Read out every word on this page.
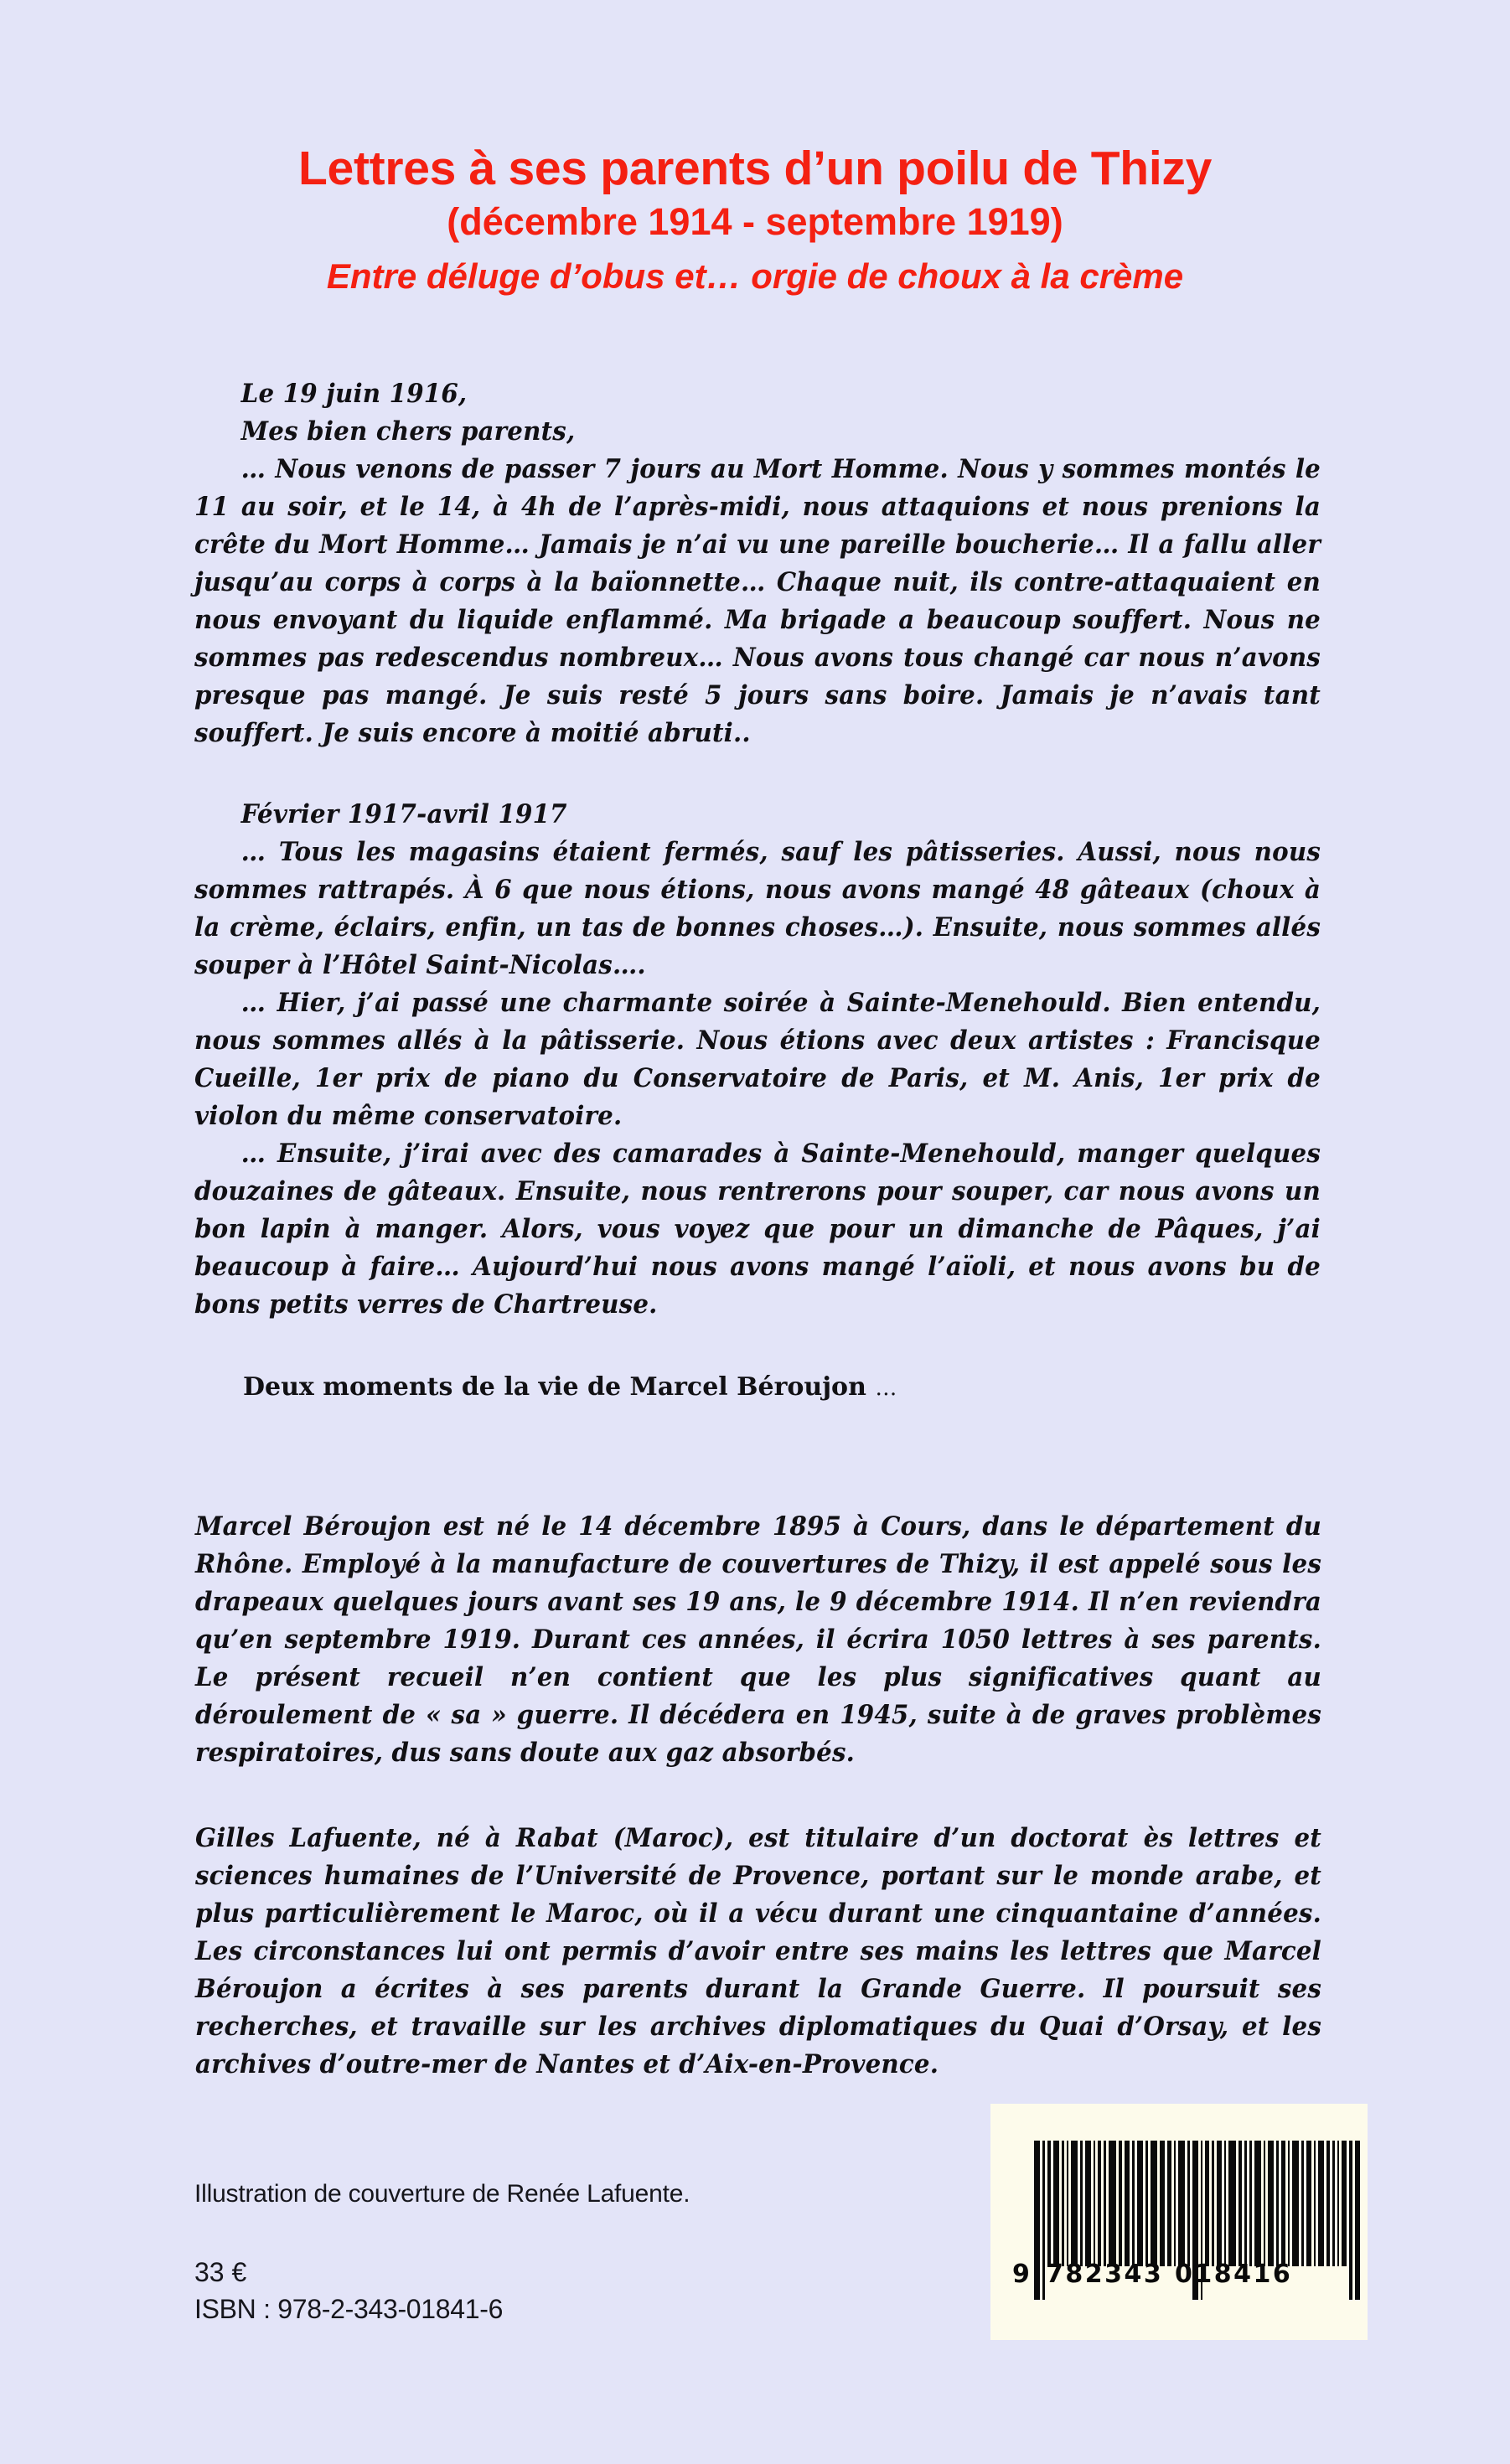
Lettres à ses parents d’un poilu de Thizy
(décembre 1914 - septembre 1919)
Entre déluge d’obus et… orgie de choux à la crème

Le 19 juin 1916,

Mes bien chers parents,

… Nous venons de passer 7 jours au Mort Homme. Nous y sommes montés le 11 au soir, et le 14, à 4h de l’après-midi, nous attaquions et nous prenions la crête du Mort Homme… Jamais je n’ai vu une pareille boucherie… Il a fallu aller jusqu’au corps à corps à la baïonnette… Chaque nuit, ils contre-attaquaient en nous envoyant du liquide enflammé. Ma brigade a beaucoup souffert. Nous ne sommes pas redescendus nombreux… Nous avons tous changé car nous n’avons presque pas mangé. Je suis resté 5 jours sans boire. Jamais je n’avais tant souffert. Je suis encore à moitié abruti..

Février 1917-avril 1917

… Tous les magasins étaient fermés, sauf les pâtisseries. Aussi, nous nous sommes rattrapés. À 6 que nous étions, nous avons mangé 48 gâteaux (choux à la crème, éclairs, enfin, un tas de bonnes choses…). Ensuite, nous sommes allés souper à l’Hôtel Saint-Nicolas….

… Hier, j’ai passé une charmante soirée à Sainte-Menehould. Bien entendu, nous sommes allés à la pâtisserie. Nous étions avec deux artistes : Francisque Cueille, 1er prix de piano du Conservatoire de Paris, et M. Anis, 1er prix de violon du même conservatoire.

… Ensuite, j’irai avec des camarades à Sainte-Menehould, manger quelques douzaines de gâteaux. Ensuite, nous rentrerons pour souper, car nous avons un bon lapin à manger. Alors, vous voyez que pour un dimanche de Pâques, j’ai beaucoup à faire… Aujourd’hui nous avons mangé l’aïoli, et nous avons bu de bons petits verres de Chartreuse.

Deux moments de la vie de Marcel Béroujon …

Marcel Béroujon est né le 14 décembre 1895 à Cours, dans le département du Rhône. Employé à la manufacture de couvertures de Thizy, il est appelé sous les drapeaux quelques jours avant ses 19 ans, le 9 décembre 1914. Il n’en reviendra qu’en septembre 1919. Durant ces années, il écrira 1050 lettres à ses parents. Le présent recueil n’en contient que les plus significatives quant au déroulement de « sa » guerre. Il décédera en 1945, suite à de graves problèmes respiratoires, dus sans doute aux gaz absorbés.

Gilles Lafuente, né à Rabat (Maroc), est titulaire d’un doctorat ès lettres et sciences humaines de l’Université de Provence, portant sur le monde arabe, et plus particulièrement le Maroc, où il a vécu durant une cinquantaine d’années. Les circonstances lui ont permis d’avoir entre ses mains les lettres que Marcel Béroujon a écrites à ses parents durant la Grande Guerre. Il poursuit ses recherches, et travaille sur les archives diplomatiques du Quai d’Orsay, et les archives d’outre-mer de Nantes et d’Aix-en-Provence.

Illustration de couverture de Renée Lafuente.

33 €

ISBN : 978-2-343-01841-6

9 782343 018416
